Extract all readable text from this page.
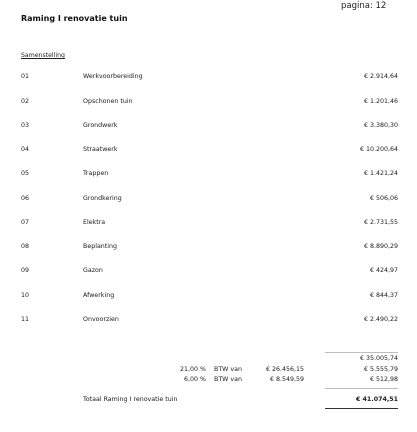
pagina: 12
Raming I renovatie tuin
Samenstelling
01	Werkvoorbereiding	€ 2.914,64
02	Opschonen tuin	€ 1.201,46
03	Grondwerk	€ 3.380,30
04	Straatwerk	€ 10.200,64
05	Trappen	€ 1.421,24
06	Grondkering	€ 506,06
07	Elektra	€ 2.731,55
08	Beplanting	€ 8.890,29
09	Gazon	€ 424,97
10	Afwerking	€ 844,37
11	Onvoorzien	€ 2.490,22
€ 35.005,74
21,00 % BTW van	€ 26.456,15	€ 5.555,79
6,00 % BTW van	€ 8.549,59	€ 512,98
Totaal Raming I renovatie tuin	€ 41.074,51
